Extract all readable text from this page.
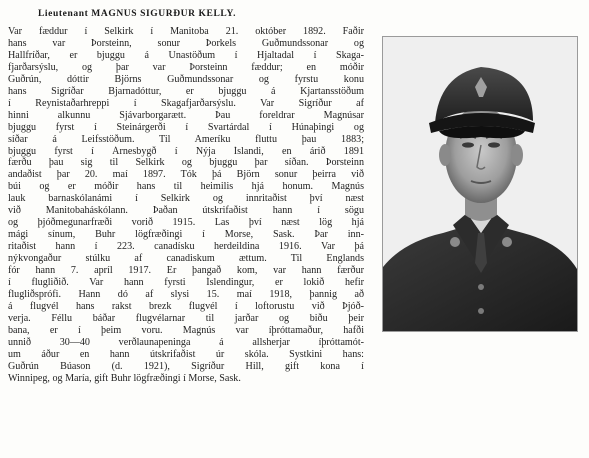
Lieutenant MAGNUS SIGURÐUR KELLY.
Var fæddur í Selkirk í Manitoba 21. október 1892. Faðir
hans var Þorsteinn, sonur Þorkels Guðmundssonar og
Hallfríðar, er bjuggu á Unastöðum í Hjaltadal í Skaga-
fjarðarsýslu, og þar var Þorsteinn fæddur; en móðir
Guðrún, dóttir Björns Guðmundssonar og fyrstu konu
hans Sigríðar Bjarnadóttur, er bjuggu á Kjartansstöðum
í Reynistaðarhreppi í Skagafjarðarsýslu. Var Sigríður af
hinni alkunnu Sjávarborgarætt. Þau foreldrar Magnúsar
bjuggu fyrst í Steinárgerði í Svartárdal í Húnaþingi og
síðar á Leifsstöðum. Til Ameríku fluttu þau 1883;
bjuggu fyrst í Árnesbygð í Nýja Íslandi, en árið 1891
færðu þau sig til Selkirk og bjuggu þar síðan. Þorsteinn
andaðist þar 20. maí 1897. Tók þá Björn sonur þeirra við
búi og er móðir hans til heimilis hjá honum. Magnús
lauk barnaskólanámi í Selkirk og innritaðist því næst
við Manitobaháskólann. Þaðan útskrifaðist hann í sögu
og þjóðmegunarfræði vorið 1915. Las því næst lög hjá
mági sínum, Buhr lögfræðingi í Morse, Sask. Þar inn-
ritaðist hann í 223. canadísku herdeildina 1916. Var þá
nýkvongaður stúlku af canadiskum ættum. Til Englands
fór hann 7. apríl 1917. Er þangað kom, var hann færður
í flugliðið. Var hann fyrsti Íslendingur, er lokið hefir
flugliðsprófi. Hann dó af slysi 15. maí 1918, þannig að
á flugvél hans rakst brezk flugvél í loftorustu við Þjóð-
verja. Féllu báðar flugvélarnar til jarðar og biðu þeir
bana, er í þeim voru. Magnús var íþróttamaður, hafði
unnið 30—40 verðlaunapeninga á allsherjar íþróttamót-
um áður en hann útskrifaðist úr skóla. Systkini hans:
Guðrún Búason (d. 1921), Sigríður Hill, gift kona í
Winnipeg, og María, gift Buhr lögfræðingi í Morse, Sask.
